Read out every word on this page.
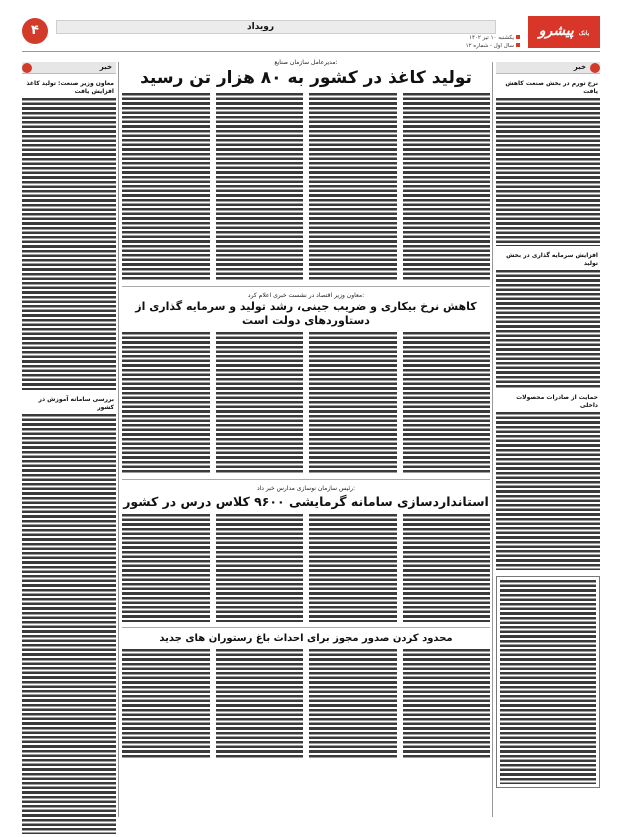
۴	رویداد
یکشنبه ۱۰ تیر ۱۴۰۲
سال اول - شماره ۱۲
بانک پیشرو
خبر
معاون وزیر صنعت: تولید کاغذ افزایش یافت
بررسی سامانه آموزش در کشور
خبر
نرخ تورم در بخش صنعت کاهش یافت
افزایش سرمایه گذاری در بخش تولید
حمایت از صادرات محصولات داخلی
مدیرعامل سازمان صنایع:
تولید کاغذ در کشور به ۸۰ هزار تن رسید
معاون وزیر اقتصاد در نشست خبری اعلام کرد:
کاهش نرخ بیکاری و ضریب جینی، رشد تولید و سرمایه گذاری از دستاوردهای دولت است
رئیس سازمان نوسازی مدارس خبر داد:
استانداردسازی سامانه گرمایشی ۹۶۰۰ کلاس درس در کشور
محدود کردن صدور مجوز برای احداث باغ رستوران های جدید
